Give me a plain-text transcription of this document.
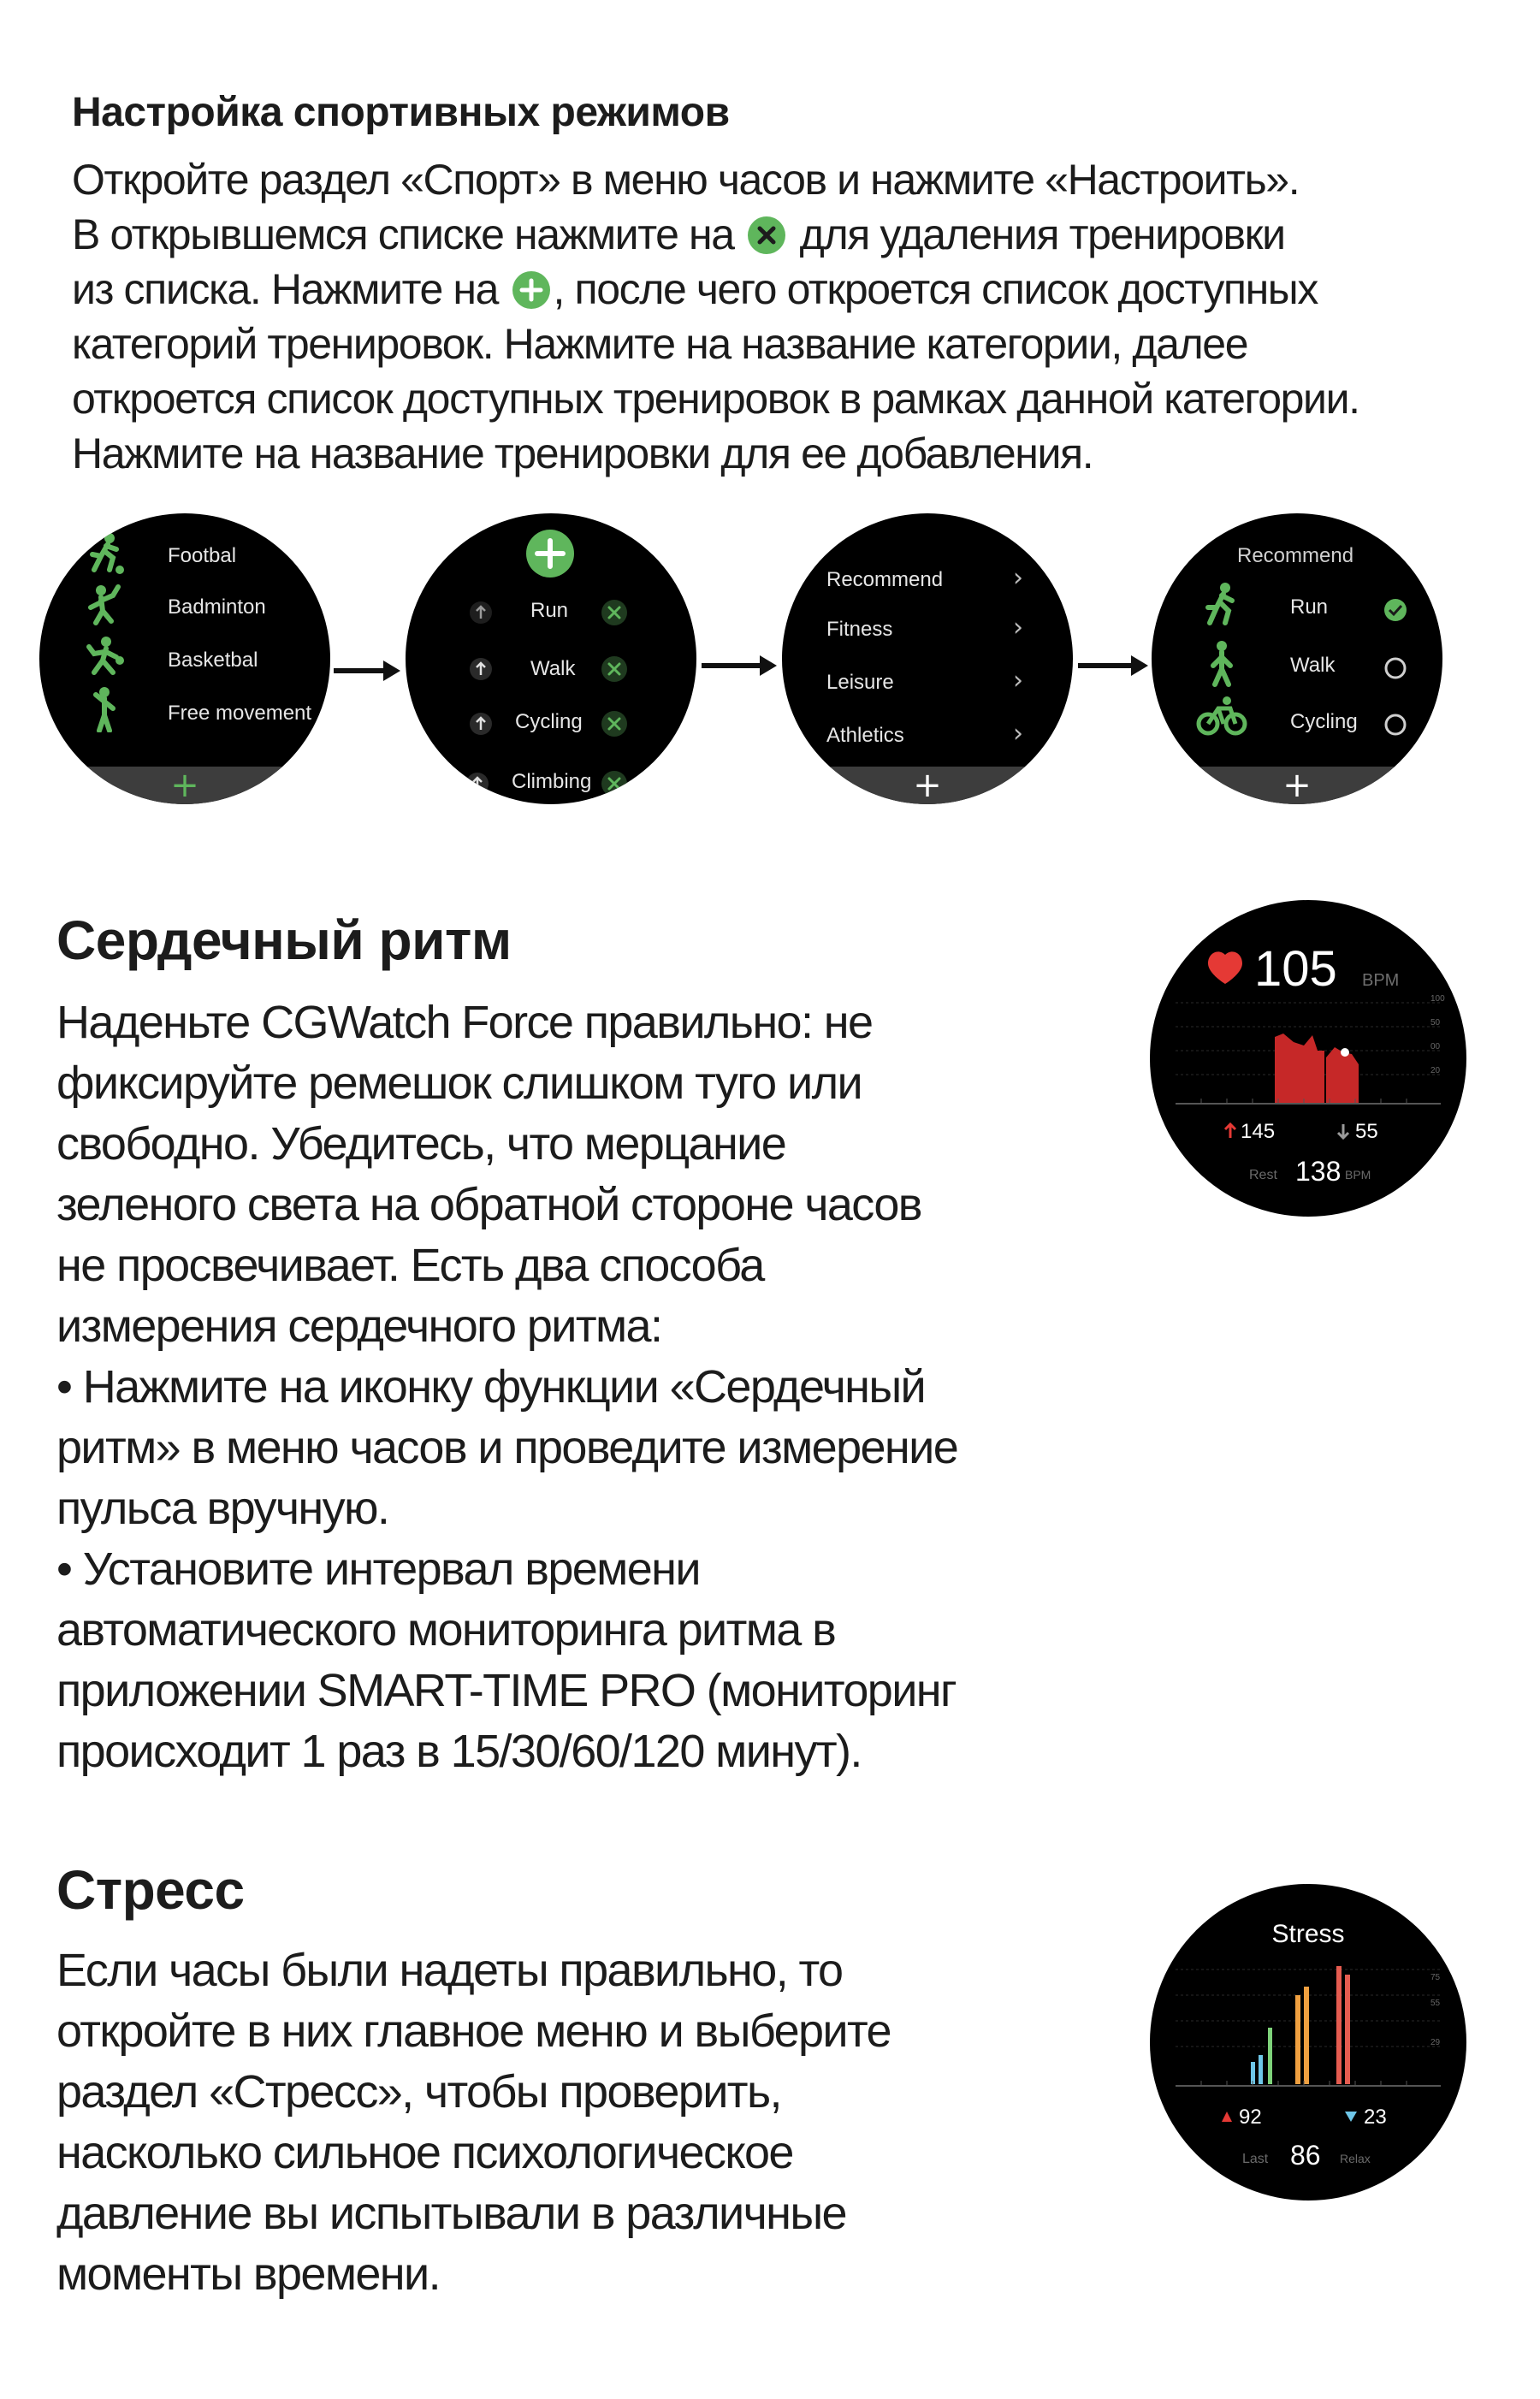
Настройка спортивных режимов
Откройте раздел «Спорт» в меню часов и нажмите «Настроить».
В открывшемся списке нажмите на
для удаления тренировки
из списка. Нажмите на
, после чего откроется список доступных
категорий тренировок. Нажмите на название категории, далее
откроется список доступных тренировок в рамках данной категории.
Нажмите на название тренировки для ее добавления.
Footbal
Badminton
Basketbal
Free movement
+
Run
Walk
Cycling
Climbing
Recommend	›
Fitness	›
Leisure	›
Athletics	›
+
Recommend
Run
Walk
Cycling
+
Сердечный ритм
Наденьте CGWatch Force правильно: не
фиксируйте ремешок слишком туго или
свободно. Убедитесь, что мерцание
зеленого света на обратной стороне часов
не просвечивает. Есть два способа
измерения сердечного ритма:
• Нажмите на иконку функции «Сердечный
ритм» в меню часов и проведите измерение
пульса вручную.
• Установите интервал времени
автоматического мониторинга ритма в
приложении SMART-TIME PRO (мониторинг
происходит 1 раз в 15/30/60/120 минут).
105 BPM
100
50
00
20
145	55
Rest 138 BPM
Стресс
Если часы были надеты правильно, то
откройте в них главное меню и выберите
раздел «Стресс», чтобы проверить,
насколько сильное психологическое
давление вы испытывали в различные
моменты времени.
Stress
75
55
29
92	23
Last 86 Relax
